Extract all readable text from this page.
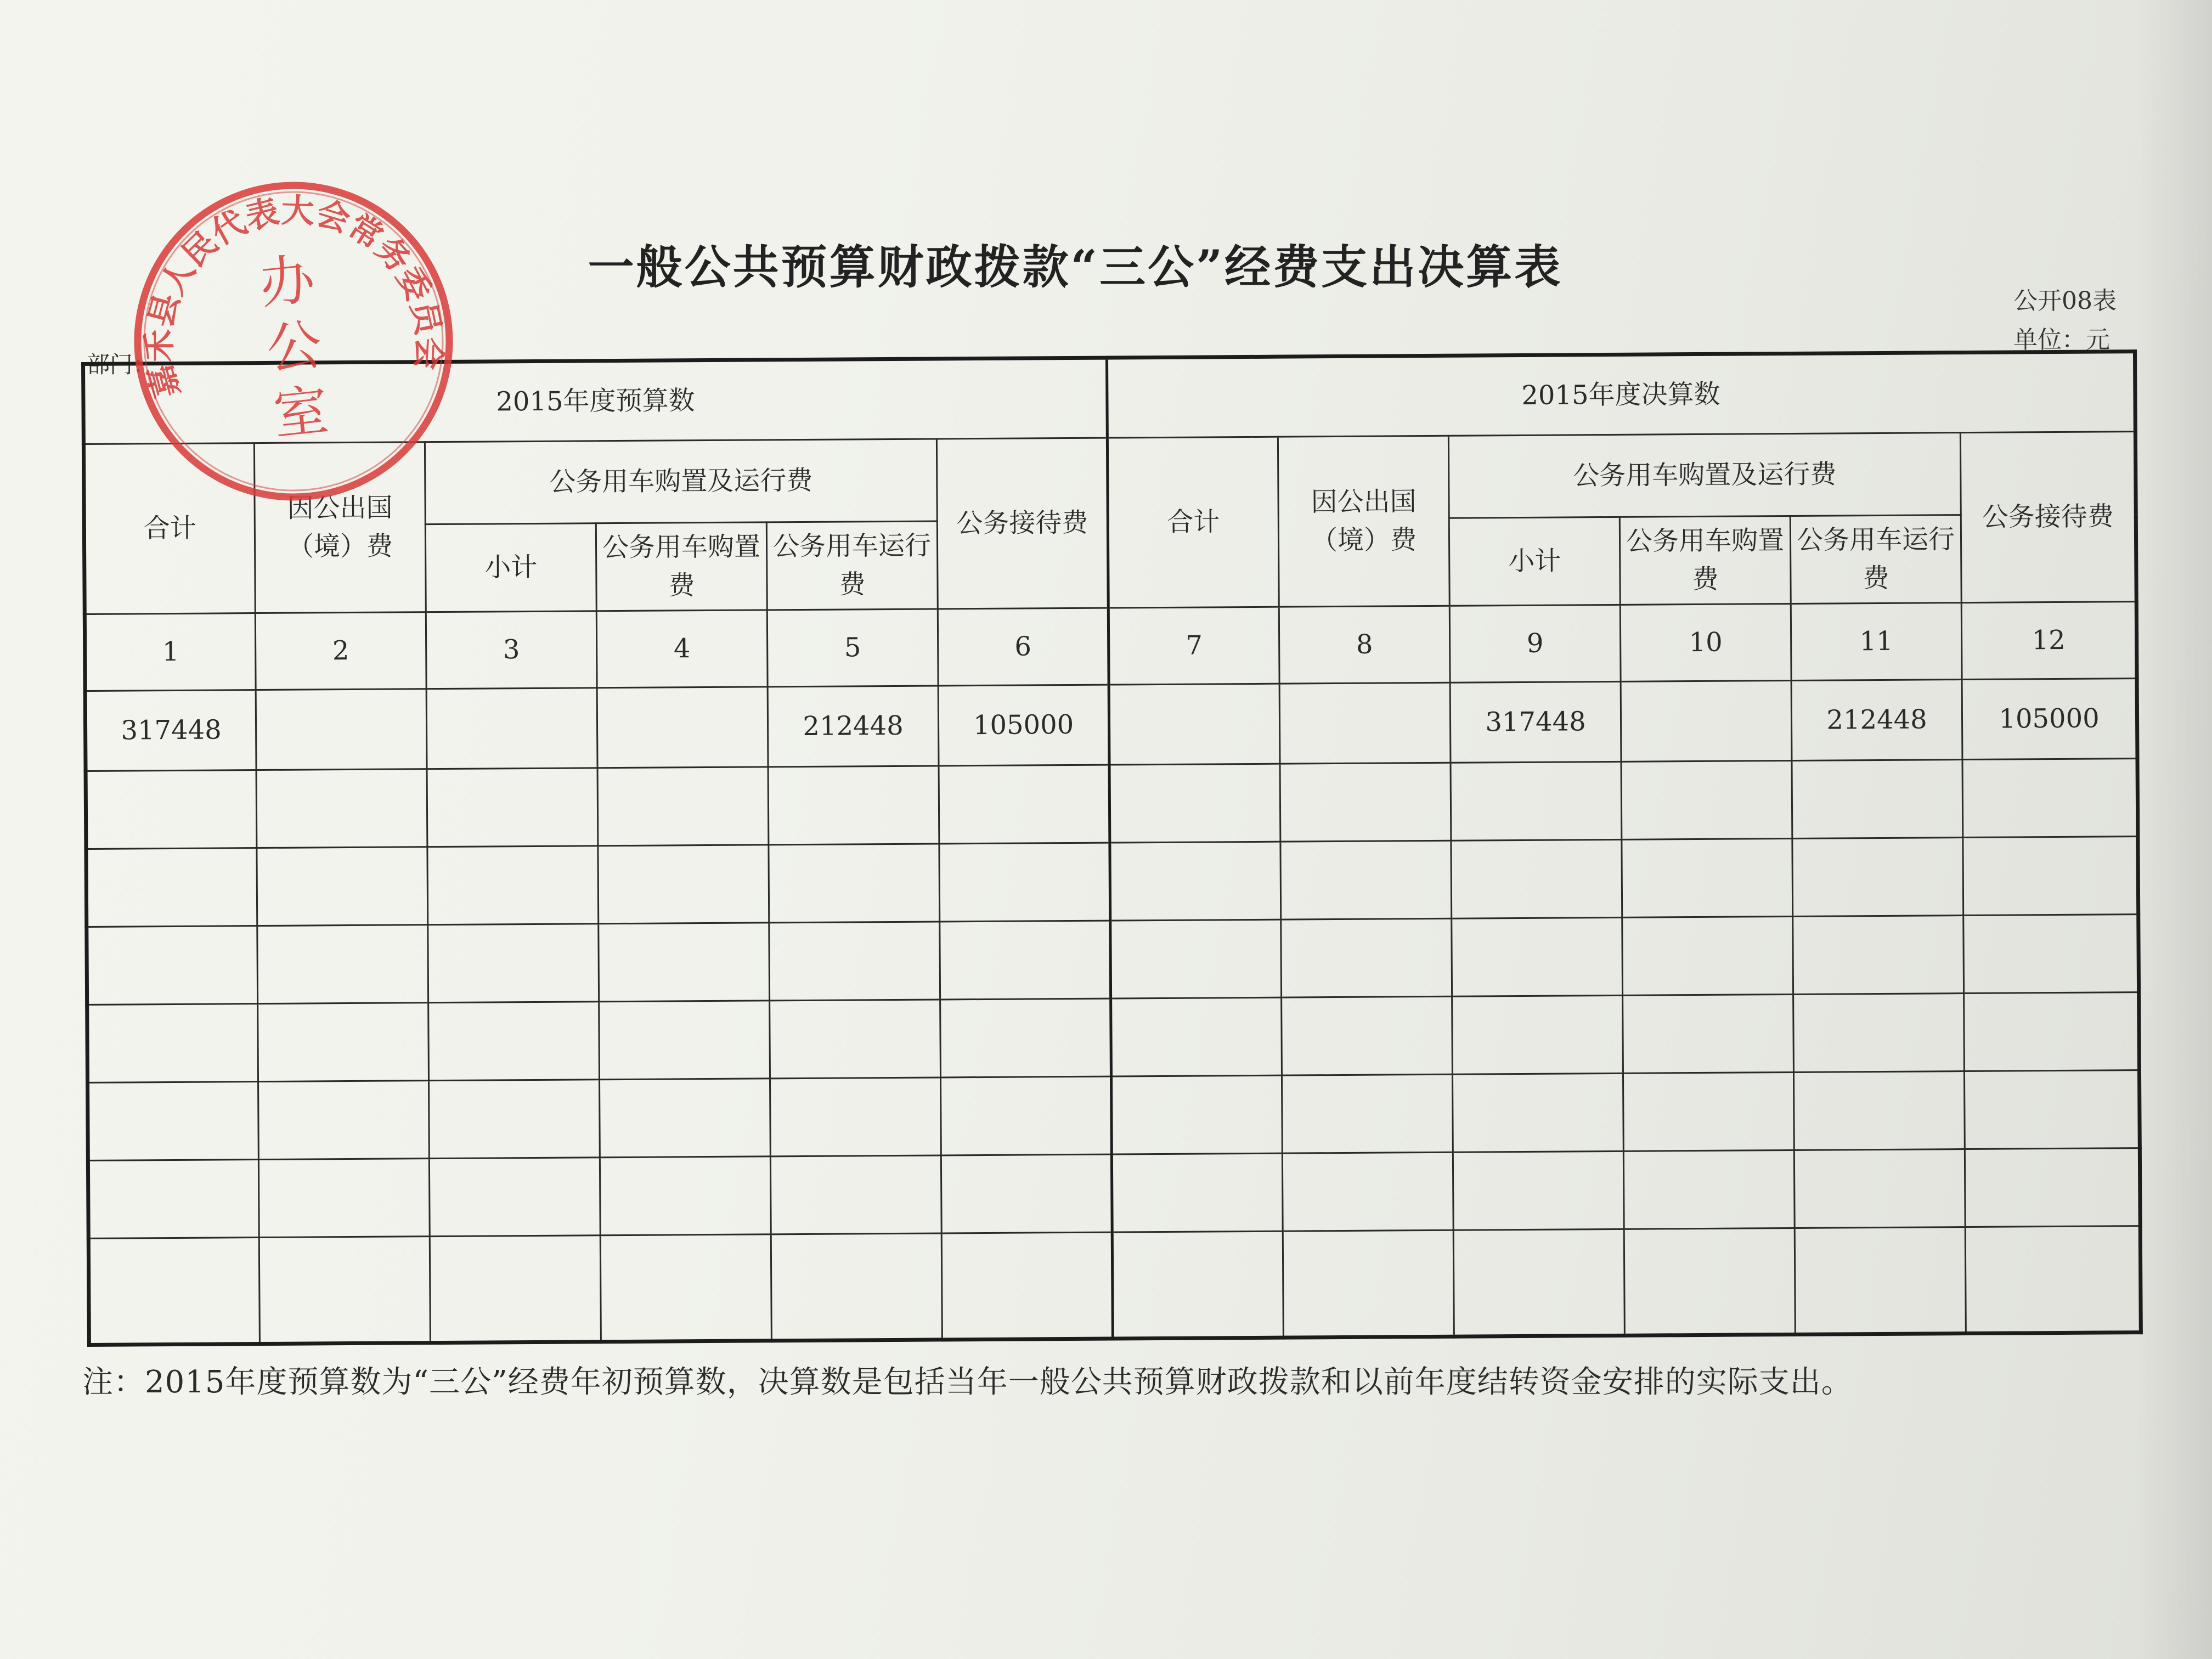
一般公共预算财政拨款“三公”经费支出决算表
公开08表
单位：元
部门：
2015年度预算数						2015年度决算数					
合计	因公出国（境）费	公务用车购置及运行费			公务接待费	合计	因公出国（境）费	公务用车购置及运行费			公务接待费
		小计	公务用车购置费	公务用车运行费				小计	公务用车购置费	公务用车运行费	
1	2	3	4	5	6	7	8	9	10	11	12
317448				212448	105000			317448		212448	105000

注：2015年度预算数为“三公”经费年初预算数，决算数是包括当年一般公共预算财政拨款和以前年度结转资金安排的实际支出。
嘉禾县人民代表大会常务委员会
办
公
室
